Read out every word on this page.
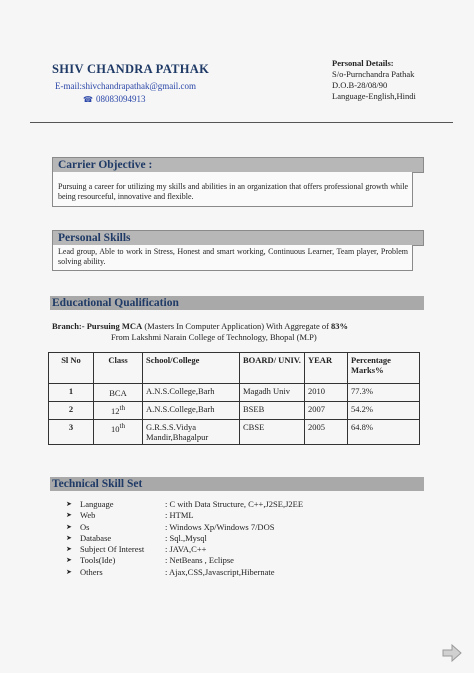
SHIV CHANDRA PATHAK
E-mail:shivchandrapathak@gmail.com
☎ 08083094913
Personal Details:
S/o-Purnchandra Pathak
D.O.B-28/08/90
Language-English,Hindi
Carrier Objective :
Pursuing a career for utilizing my skills and abilities in an organization that offers professional growth while being resourceful, innovative and flexible.
Personal Skills
Lead group, Able to work in Stress, Honest and smart working, Continuous Learner, Team player, Problem solving ability.
Educational Qualification
Branch:- Pursuing MCA (Masters In Computer Application) With Aggregate of 83%
From Lakshmi Narain College of Technology, Bhopal (M.P)
Sl No	Class	School/College	BOARD/ UNIV.	YEAR	Percentage Marks%
1	BCA	A.N.S.College,Barh	Magadh Univ	2010	77.3%
2	12th	A.N.S.College,Barh	BSEB	2007	54.2%
3	10th	G.R.S.S.Vidya Mandir,Bhagalpur	CBSE	2005	64.8%
Technical Skill Set
➤ Language	: C with Data Structure, C++,J2SE,J2EE
➤ Web	: HTML
➤ Os	: Windows Xp/Windows 7/DOS
➤ Database	: Sql.,Mysql
➤ Subject Of Interest	: JAVA,C++
➤ Tools(Ide)	: NetBeans , Eclipse
➤ Others	: Ajax,CSS,Javascript,Hibernate
